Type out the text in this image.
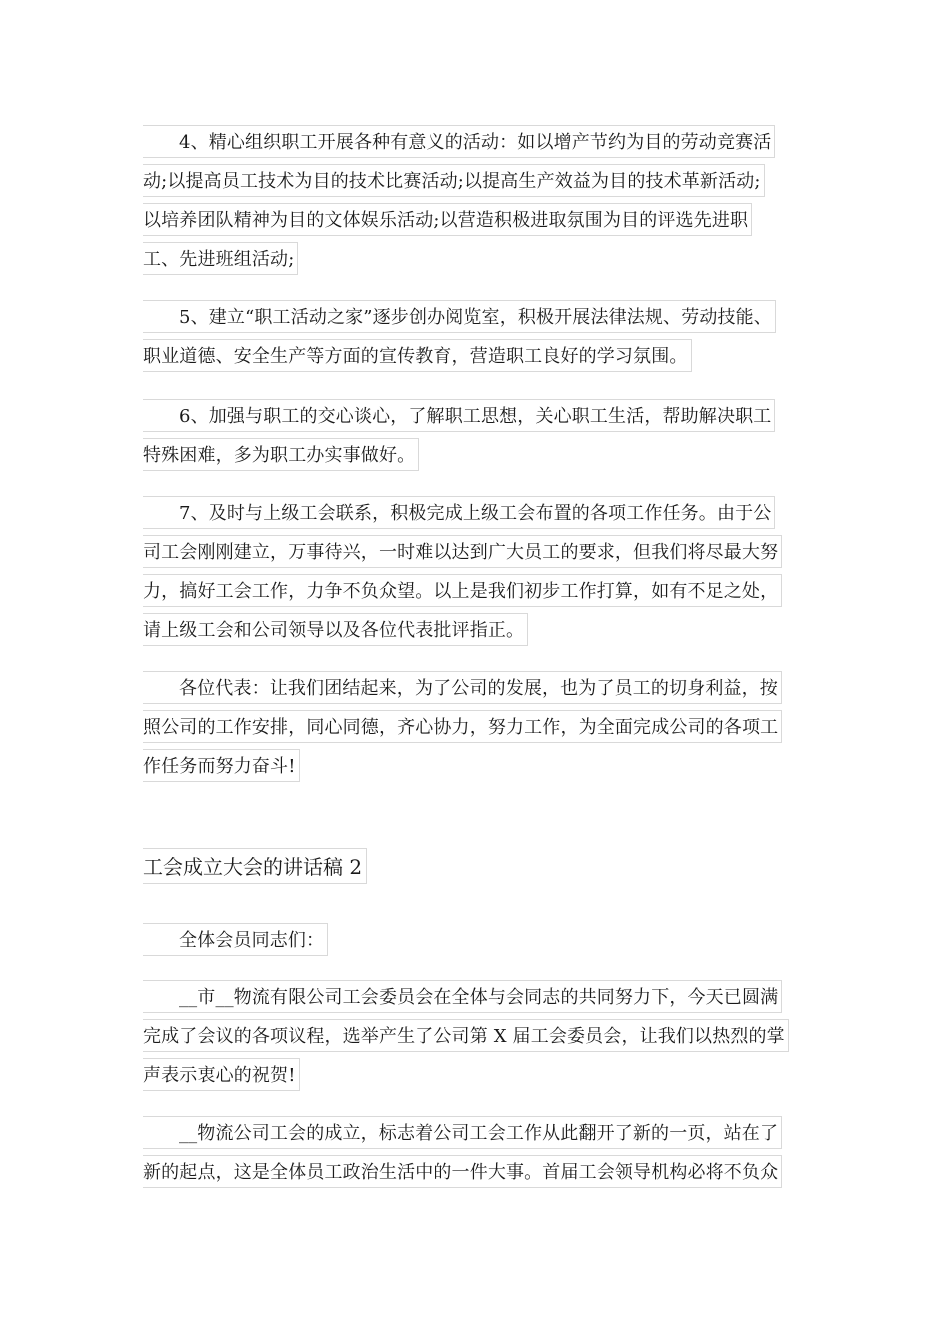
4、精心组织职工开展各种有意义的活动：如以增产节约为目的劳动竞赛活
动;以提高员工技术为目的技术比赛活动;以提高生产效益为目的技术革新活动;
以培养团队精神为目的文体娱乐活动;以营造积极进取氛围为目的评选先进职
工、先进班组活动;
5、建立“职工活动之家”逐步创办阅览室，积极开展法律法规、劳动技能、
职业道德、安全生产等方面的宣传教育，营造职工良好的学习氛围。
6、加强与职工的交心谈心，了解职工思想，关心职工生活，帮助解决职工
特殊困难，多为职工办实事做好。
7、及时与上级工会联系，积极完成上级工会布置的各项工作任务。由于公
司工会刚刚建立，万事待兴，一时难以达到广大员工的要求，但我们将尽最大努
力，搞好工会工作，力争不负众望。以上是我们初步工作打算，如有不足之处，
请上级工会和公司领导以及各位代表批评指正。
各位代表：让我们团结起来，为了公司的发展，也为了员工的切身利益，按
照公司的工作安排，同心同德，齐心协力，努力工作，为全面完成公司的各项工
作任务而努力奋斗!
工会成立大会的讲话稿 2
全体会员同志们：
__市__物流有限公司工会委员会在全体与会同志的共同努力下，今天已圆满
完成了会议的各项议程，选举产生了公司第 X 届工会委员会，让我们以热烈的掌
声表示衷心的祝贺!
__物流公司工会的成立，标志着公司工会工作从此翻开了新的一页，站在了
新的起点，这是全体员工政治生活中的一件大事。首届工会领导机构必将不负众
